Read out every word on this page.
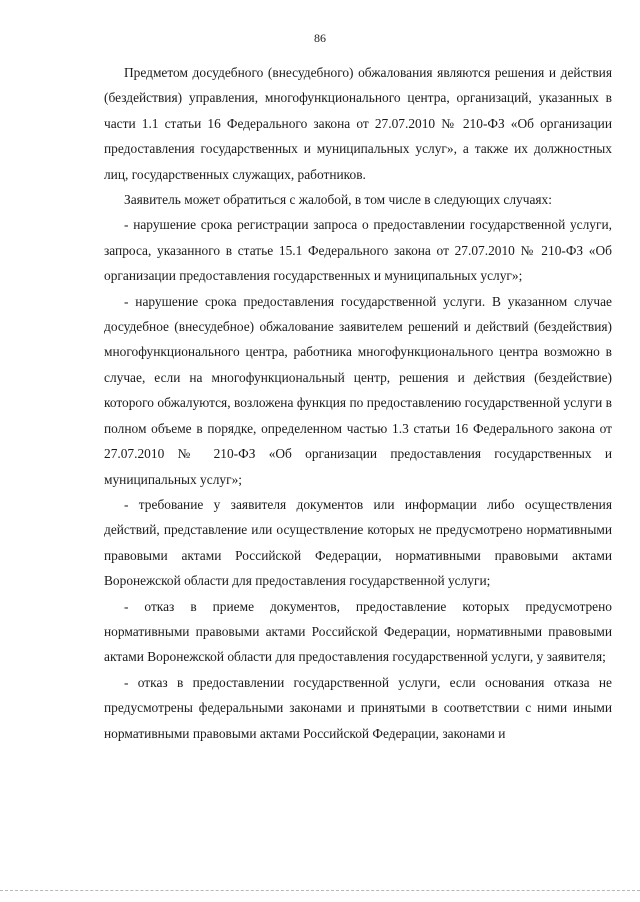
86

Предметом досудебного (внесудебного) обжалования являются решения и действия (бездействия) управления, многофункционального центра, организаций, указанных в части 1.1 статьи 16 Федерального закона от 27.07.2010 № 210-ФЗ «Об организации предоставления государственных и муниципальных услуг», а также их должностных лиц, государственных служащих, работников.

Заявитель может обратиться с жалобой, в том числе в следующих случаях:

- нарушение срока регистрации запроса о предоставлении государственной услуги, запроса, указанного в статье 15.1 Федерального закона от 27.07.2010 № 210-ФЗ «Об организации предоставления государственных и муниципальных услуг»;

- нарушение срока предоставления государственной услуги. В указанном случае досудебное (внесудебное) обжалование заявителем решений и действий (бездействия) многофункционального центра, работника многофункционального центра возможно в случае, если на многофункциональный центр, решения и действия (бездействие) которого обжалуются, возложена функция по предоставлению государственной услуги в полном объеме в порядке, определенном частью 1.3 статьи 16 Федерального закона от 27.07.2010 № 210-ФЗ «Об организации предоставления государственных и муниципальных услуг»;

- требование у заявителя документов или информации либо осуществления действий, представление или осуществление которых не предусмотрено нормативными правовыми актами Российской Федерации, нормативными правовыми актами Воронежской области для предоставления государственной услуги;

- отказ в приеме документов, предоставление которых предусмотрено нормативными правовыми актами Российской Федерации, нормативными правовыми актами Воронежской области для предоставления государственной услуги, у заявителя;

- отказ в предоставлении государственной услуги, если основания отказа не предусмотрены федеральными законами и принятыми в соответствии с ними иными нормативными правовыми актами Российской Федерации, законами и
